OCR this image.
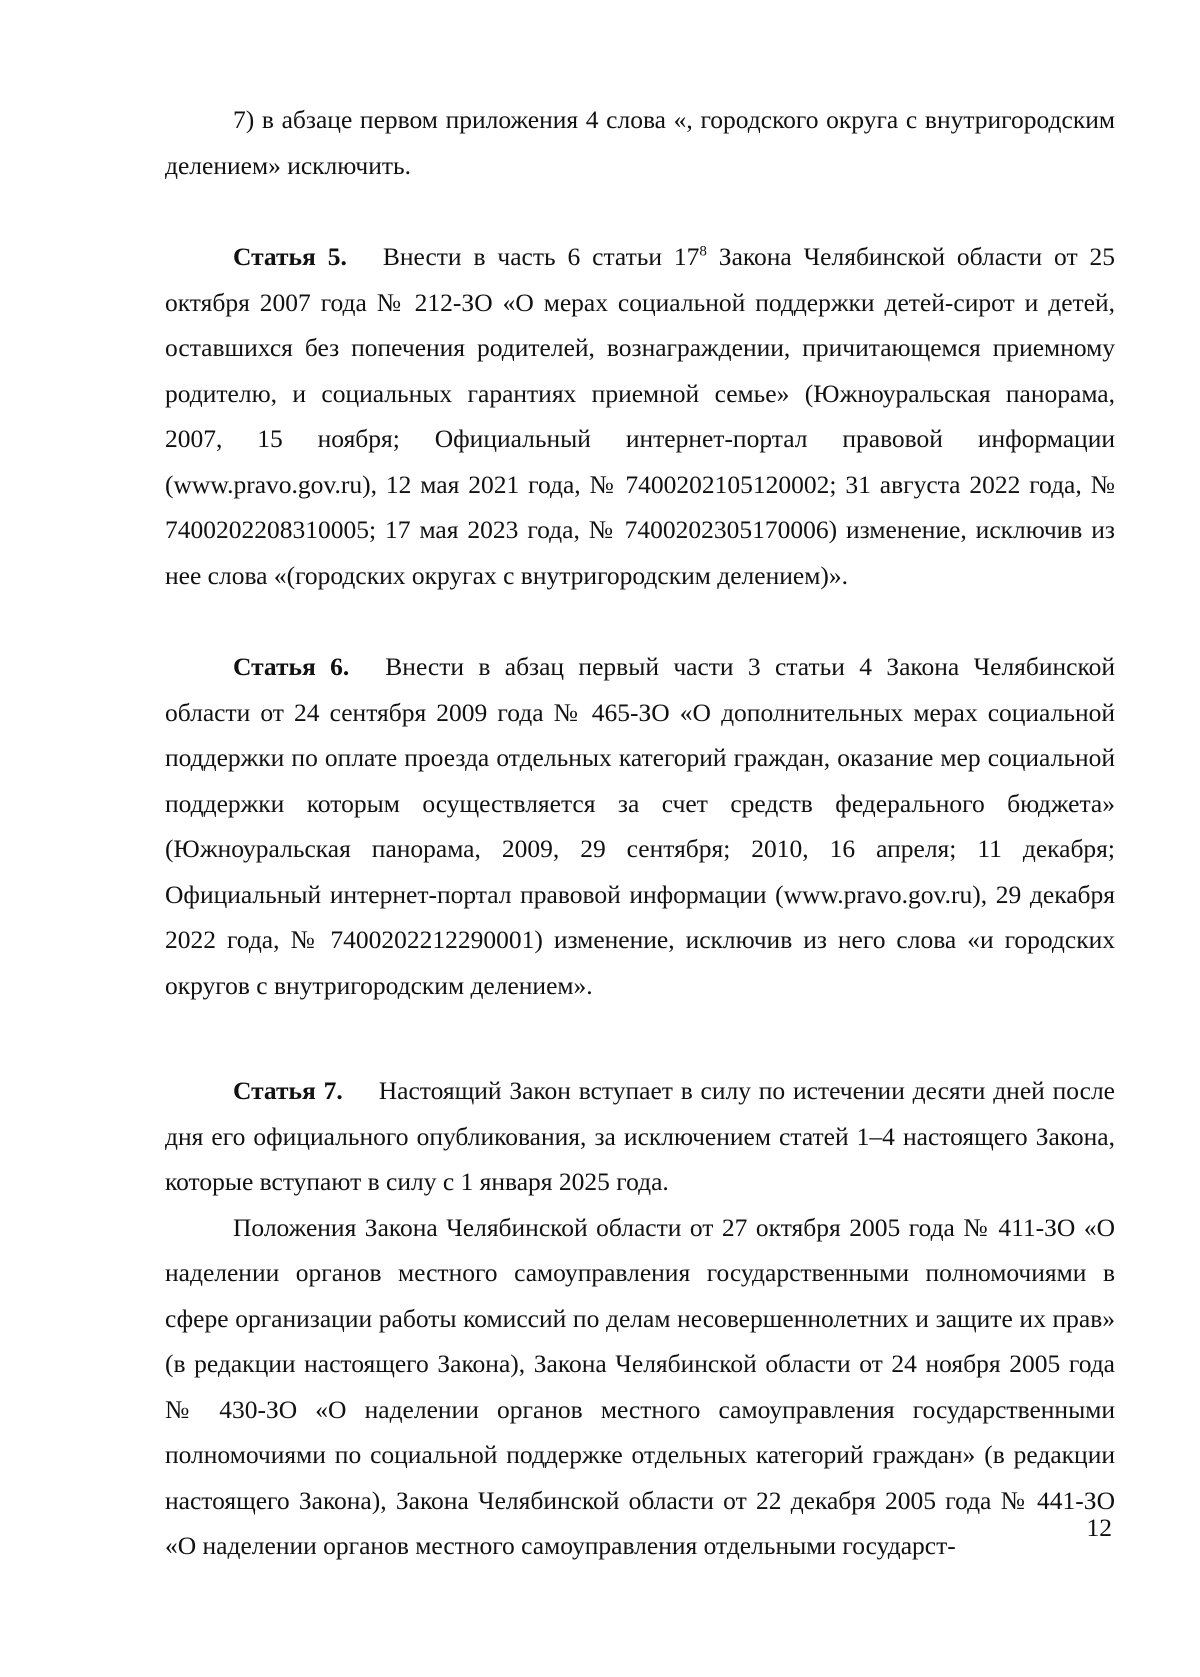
7) в абзаце первом приложения 4 слова «, городского округа с внутригородским делением» исключить.

Статья 5. Внести в часть 6 статьи $17^8$ Закона Челябинской области от 25 октября 2007 года № 212-ЗО «О мерах социальной поддержки детей-сирот и детей, оставшихся без попечения родителей, вознаграждении, причитающемся приемному родителю, и социальных гарантиях приемной семье» (Южноуральская панорама, 2007, 15 ноября; Официальный интернет-портал правовой информации (www.pravo.gov.ru), 12 мая 2021 года, № 7400202105120002; 31 августа 2022 года, № 7400202208310005; 17 мая 2023 года, № 7400202305170006) изменение, исключив из нее слова «(городских округах с внутригородским делением)».

Статья 6. Внести в абзац первый части 3 статьи 4 Закона Челябинской области от 24 сентября 2009 года № 465-ЗО «О дополнительных мерах социальной поддержки по оплате проезда отдельных категорий граждан, оказание мер социальной поддержки которым осуществляется за счет средств федерального бюджета» (Южноуральская панорама, 2009, 29 сентября; 2010, 16 апреля; 11 декабря; Официальный интернет-портал правовой информации (www.pravo.gov.ru), 29 декабря 2022 года, № 7400202212290001) изменение, исключив из него слова «и городских округов с внутригородским делением».

Статья 7. Настоящий Закон вступает в силу по истечении десяти дней после дня его официального опубликования, за исключением статей 1–4 настоящего Закона, которые вступают в силу с 1 января 2025 года.

Положения Закона Челябинской области от 27 октября 2005 года № 411-ЗО «О наделении органов местного самоуправления государственными полномочиями в сфере организации работы комиссий по делам несовершеннолетних и защите их прав» (в редакции настоящего Закона), Закона Челябинской области от 24 ноября 2005 года № 430-ЗО «О наделении органов местного самоуправления государственными полномочиями по социальной поддержке отдельных категорий граждан» (в редакции настоящего Закона), Закона Челябинской области от 22 декабря 2005 года № 441-ЗО «О наделении органов местного самоуправления отдельными государст-

12
